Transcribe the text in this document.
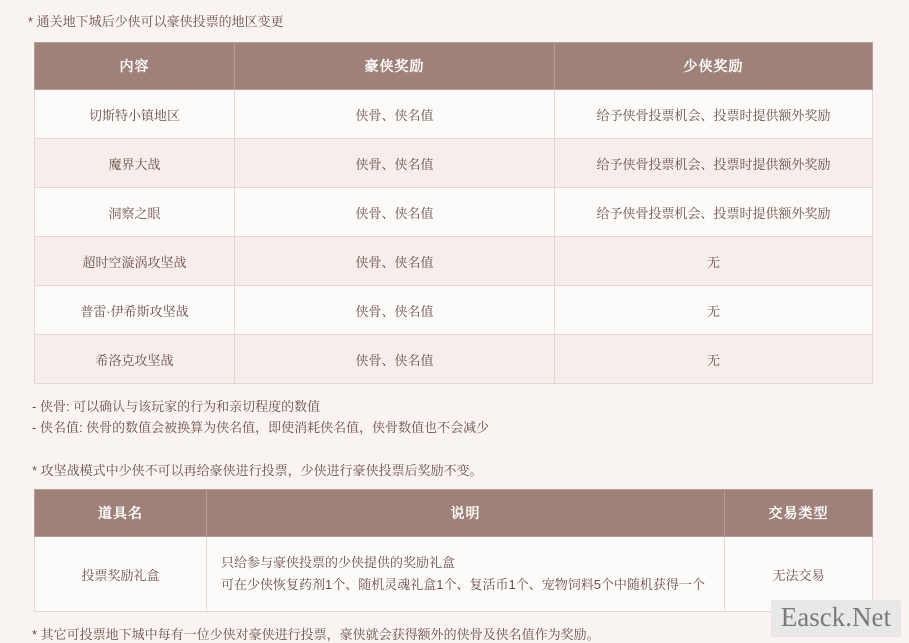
* 通关地下城后少侠可以豪侠投票的地区变更

内容	豪侠奖励	少侠奖励
切斯特小镇地区	侠骨、侠名值	给予侠骨投票机会、投票时提供额外奖励
魔界大战	侠骨、侠名值	给予侠骨投票机会、投票时提供额外奖励
洞察之眼	侠骨、侠名值	给予侠骨投票机会、投票时提供额外奖励
超时空漩涡攻坚战	侠骨、侠名值	无
普雷·伊希斯攻坚战	侠骨、侠名值	无
希洛克攻坚战	侠骨、侠名值	无
- 侠骨: 可以确认与该玩家的行为和亲切程度的数值
- 侠名值: 侠骨的数值会被换算为侠名值，即使消耗侠名值，侠骨数值也不会减少

* 攻坚战模式中少侠不可以再给豪侠进行投票，少侠进行豪侠投票后奖励不变。

道具名	说明	交易类型
投票奖励礼盒	只给参与豪侠投票的少侠提供的奖励礼盒
可在少侠恢复药剂1个、随机灵魂礼盒1个、复活币1个、宠物饲料5个中随机获得一个	无法交易

* 其它可投票地下城中每有一位少侠对豪侠进行投票，豪侠就会获得额外的侠骨及侠名值作为奖励。

Easck.Net
